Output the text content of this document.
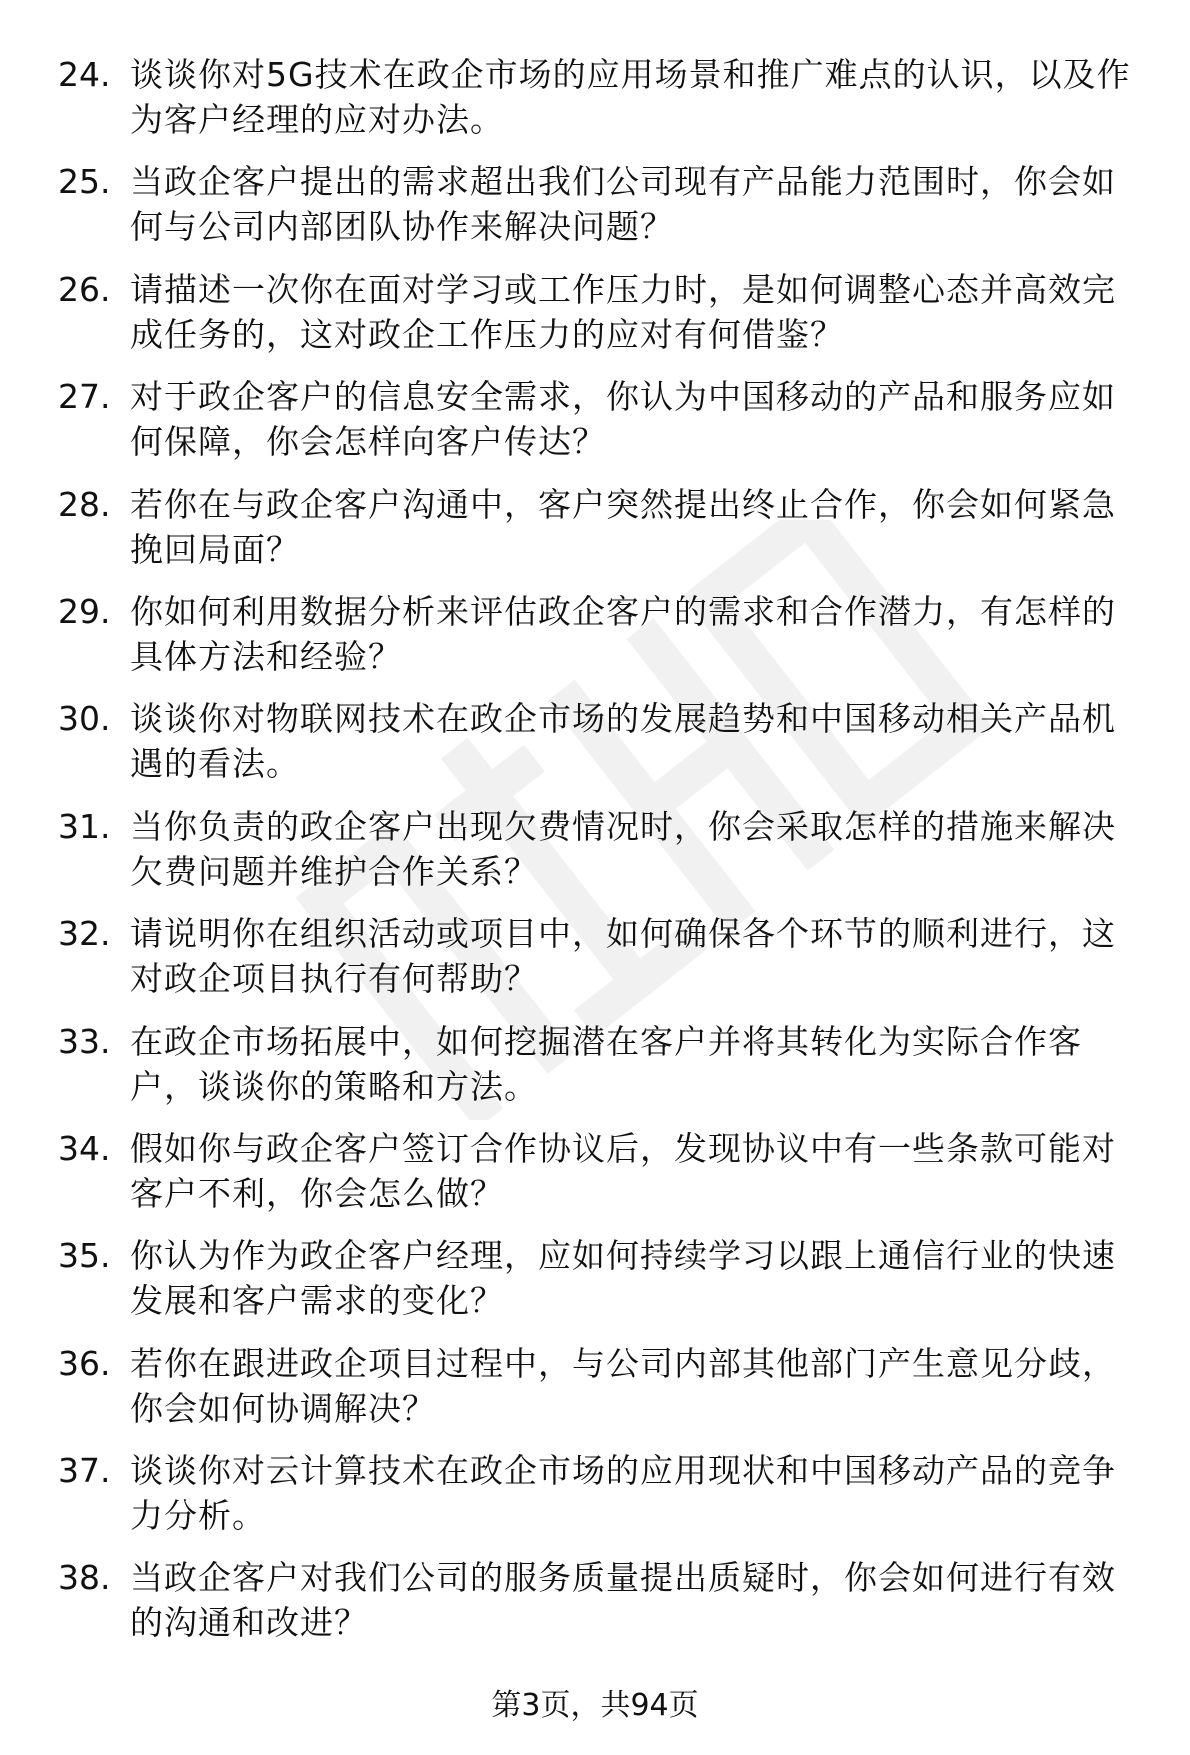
24. 谈谈你对5G技术在政企市场的应用场景和推广难点的认识，以及作为客户经理的应对办法。
25. 当政企客户提出的需求超出我们公司现有产品能力范围时，你会如何与公司内部团队协作来解决问题？
26. 请描述一次你在面对学习或工作压力时，是如何调整心态并高效完成任务的，这对政企工作压力的应对有何借鉴？
27. 对于政企客户的信息安全需求，你认为中国移动的产品和服务应如何保障，你会怎样向客户传达？
28. 若你在与政企客户沟通中，客户突然提出终止合作，你会如何紧急挽回局面？
29. 你如何利用数据分析来评估政企客户的需求和合作潜力，有怎样的具体方法和经验？
30. 谈谈你对物联网技术在政企市场的发展趋势和中国移动相关产品机遇的看法。
31. 当你负责的政企客户出现欠费情况时，你会采取怎样的措施来解决欠费问题并维护合作关系？
32. 请说明你在组织活动或项目中，如何确保各个环节的顺利进行，这对政企项目执行有何帮助？
33. 在政企市场拓展中，如何挖掘潜在客户并将其转化为实际合作客户，谈谈你的策略和方法。
34. 假如你与政企客户签订合作协议后，发现协议中有一些条款可能对客户不利，你会怎么做？
35. 你认为作为政企客户经理，应如何持续学习以跟上通信行业的快速发展和客户需求的变化？
36. 若你在跟进政企项目过程中，与公司内部其他部门产生意见分歧，你会如何协调解决？
37. 谈谈你对云计算技术在政企市场的应用现状和中国移动产品的竞争力分析。
38. 当政企客户对我们公司的服务质量提出质疑时，你会如何进行有效的沟通和改进？
第3页，共94页
